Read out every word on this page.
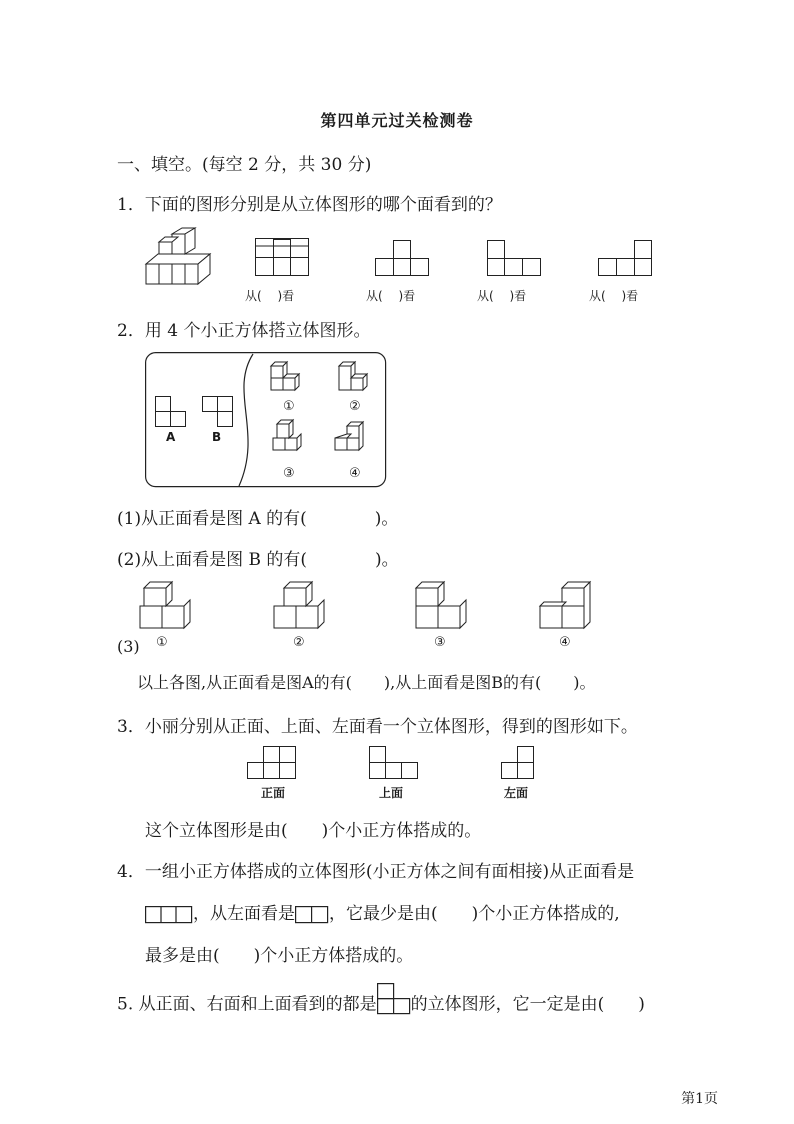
第四单元过关检测卷
一、填空。(每空 2 分，共 30 分)
1．下面的图形分别是从立体图形的哪个面看到的？
从(　 )看	从(　 )看	从(　 )看	从(　 )看
2．用 4 个小正方体搭立体图形。
A	B
①	②
③	④
(1)从正面看是图 A 的有(　　　　)。
(2)从上面看是图 B 的有(　　　　)。
①	②	③	④
(3)
以上各图,从正面看是图A的有(　　),从上面看是图B的有(　　)。
3．小丽分别从正面、上面、左面看一个立体图形，得到的图形如下。
正面	上面	左面
这个立体图形是由(　　)个小正方体搭成的。
4．一组小正方体搭成的立体图形(小正方体之间有面相接)从正面看是
，从左面看是 ，它最少是由(　　)个小正方体搭成的,
最多是由(　　)个小正方体搭成的。
5. 从正面、右面和上面看到的都是 的立体图形，它一定是由(　　)
第1页
